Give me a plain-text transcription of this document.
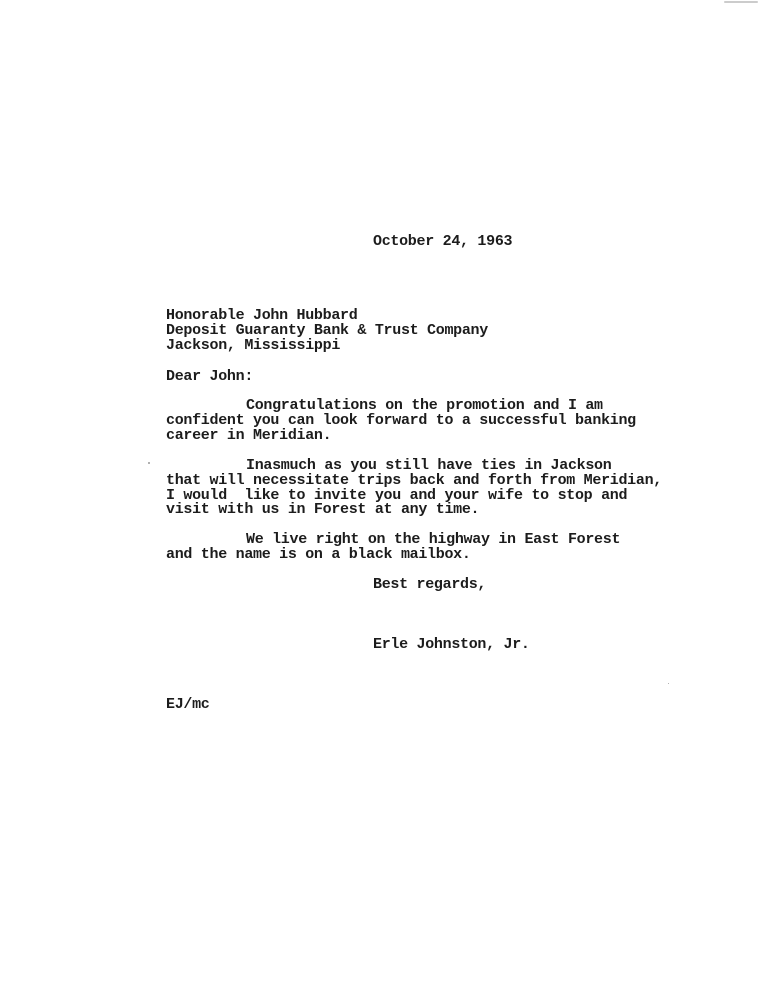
October 24, 1963
Honorable John Hubbard
Deposit Guaranty Bank & Trust Company
Jackson, Mississippi
Dear John:
Congratulations on the promotion and I am
confident you can look forward to a successful banking
career in Meridian.
Inasmuch as you still have ties in Jackson
that will necessitate trips back and forth from Meridian,
I would  like to invite you and your wife to stop and
visit with us in Forest at any time.
We live right on the highway in East Forest
and the name is on a black mailbox.
Best regards,
Erle Johnston, Jr.
EJ/mc
